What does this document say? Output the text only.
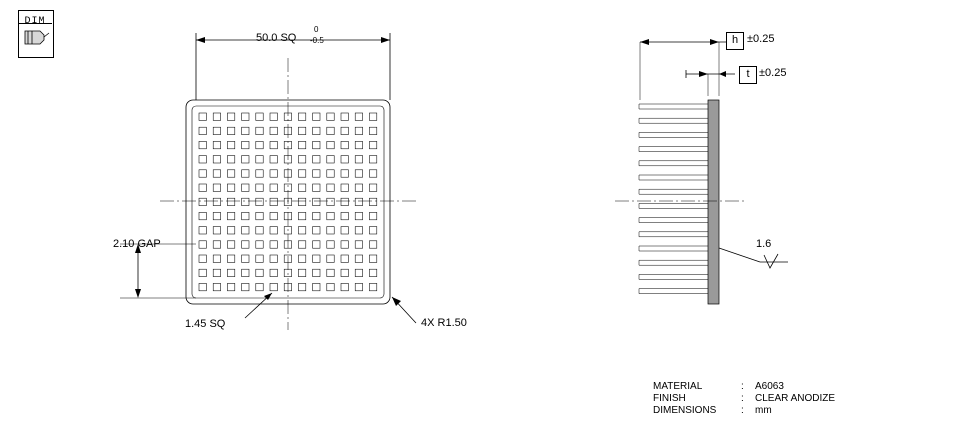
DIM
50.0 SQ
0
-0.5
2.10 GAP
1.45 SQ	4X R1.50
h ±0.25
t ±0.25
1.6
MATERIAL	:	A6063
FINISH	:	CLEAR ANODIZE
DIMENSIONS	:	mm
